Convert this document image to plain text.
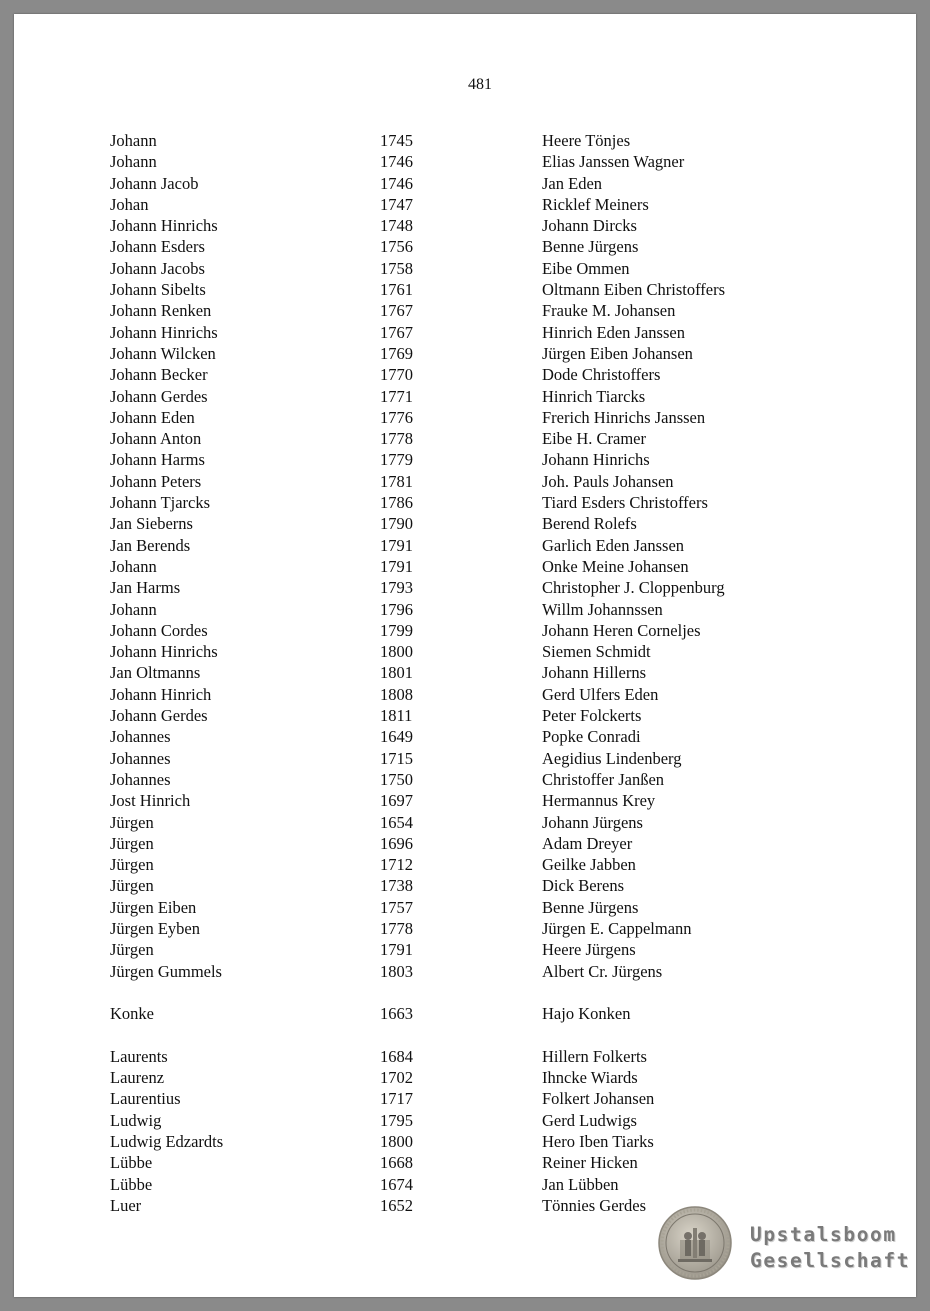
481
Johann	1745	Heere Tönjes
Johann	1746	Elias Janssen Wagner
Johann Jacob	1746	Jan Eden
Johan	1747	Ricklef Meiners
Johann Hinrichs	1748	Johann Dircks
Johann Esders	1756	Benne Jürgens
Johann Jacobs	1758	Eibe Ommen
Johann Sibelts	1761	Oltmann Eiben Christoffers
Johann Renken	1767	Frauke M. Johansen
Johann Hinrichs	1767	Hinrich Eden Janssen
Johann Wilcken	1769	Jürgen Eiben Johansen
Johann Becker	1770	Dode Christoffers
Johann Gerdes	1771	Hinrich Tiarcks
Johann Eden	1776	Frerich Hinrichs Janssen
Johann Anton	1778	Eibe H. Cramer
Johann Harms	1779	Johann Hinrichs
Johann Peters	1781	Joh. Pauls Johansen
Johann Tjarcks	1786	Tiard Esders Christoffers
Jan Sieberns	1790	Berend Rolefs
Jan Berends	1791	Garlich Eden Janssen
Johann	1791	Onke Meine Johansen
Jan Harms	1793	Christopher J. Cloppenburg
Johann	1796	Willm Johannssen
Johann Cordes	1799	Johann Heren Corneljes
Johann Hinrichs	1800	Siemen Schmidt
Jan Oltmanns	1801	Johann Hillerns
Johann Hinrich	1808	Gerd Ulfers Eden
Johann Gerdes	1811	Peter Folckerts
Johannes	1649	Popke Conradi
Johannes	1715	Aegidius Lindenberg
Johannes	1750	Christoffer Janßen
Jost Hinrich	1697	Hermannus Krey
Jürgen	1654	Johann Jürgens
Jürgen	1696	Adam Dreyer
Jürgen	1712	Geilke Jabben
Jürgen	1738	Dick Berens
Jürgen Eiben	1757	Benne Jürgens
Jürgen Eyben	1778	Jürgen E. Cappelmann
Jürgen	1791	Heere Jürgens
Jürgen Gummels	1803	Albert Cr. Jürgens
Konke	1663	Hajo Konken
Laurents	1684	Hillern Folkerts
Laurenz	1702	Ihncke Wiards
Laurentius	1717	Folkert Johansen
Ludwig	1795	Gerd Ludwigs
Ludwig Edzardts	1800	Hero Iben Tiarks
Lübbe	1668	Reiner Hicken
Lübbe	1674	Jan Lübben
Luer	1652	Tönnies Gerdes
Upstalsboom
Gesellschaft
